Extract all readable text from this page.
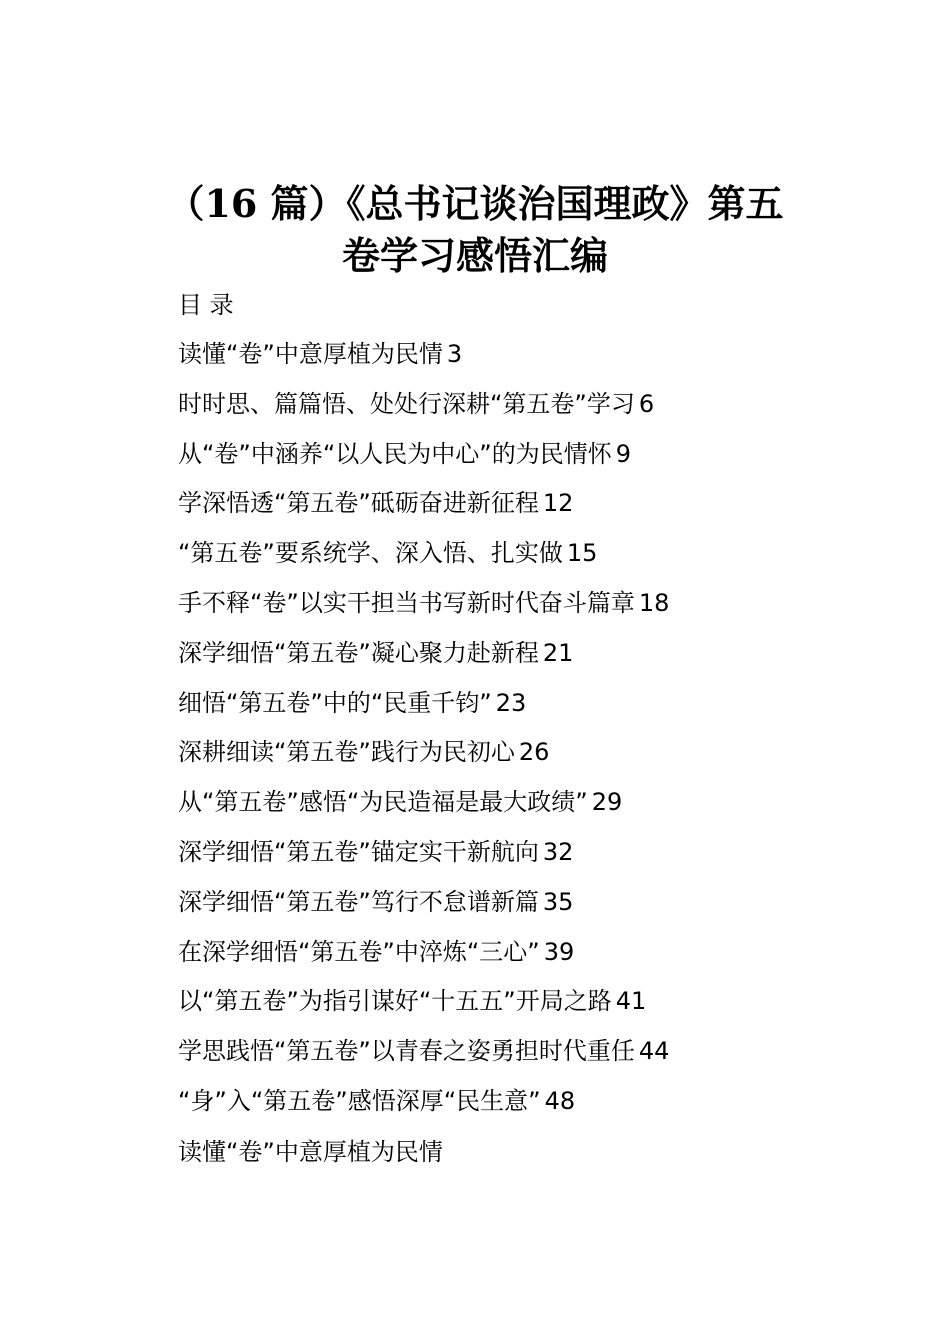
（16 篇）《总书记谈治国理政》第五
卷学习感悟汇编
目 录
读懂“卷”中意厚植为民情 3
时时思、篇篇悟、处处行深耕“第五卷”学习 6
从“卷”中涵养“以人民为中心”的为民情怀 9
学深悟透“第五卷”砥砺奋进新征程 12
“第五卷”要系统学、深入悟、扎实做 15
手不释“卷”以实干担当书写新时代奋斗篇章 18
深学细悟“第五卷”凝心聚力赴新程 21
细悟“第五卷”中的“民重千钧” 23
深耕细读“第五卷”践行为民初心 26
从“第五卷”感悟“为民造福是最大政绩” 29
深学细悟“第五卷”锚定实干新航向 32
深学细悟“第五卷”笃行不怠谱新篇 35
在深学细悟“第五卷”中淬炼“三心” 39
以“第五卷”为指引谋好“十五五”开局之路 41
学思践悟“第五卷”以青春之姿勇担时代重任 44
“身”入“第五卷”感悟深厚“民生意” 48
读懂“卷”中意厚植为民情
